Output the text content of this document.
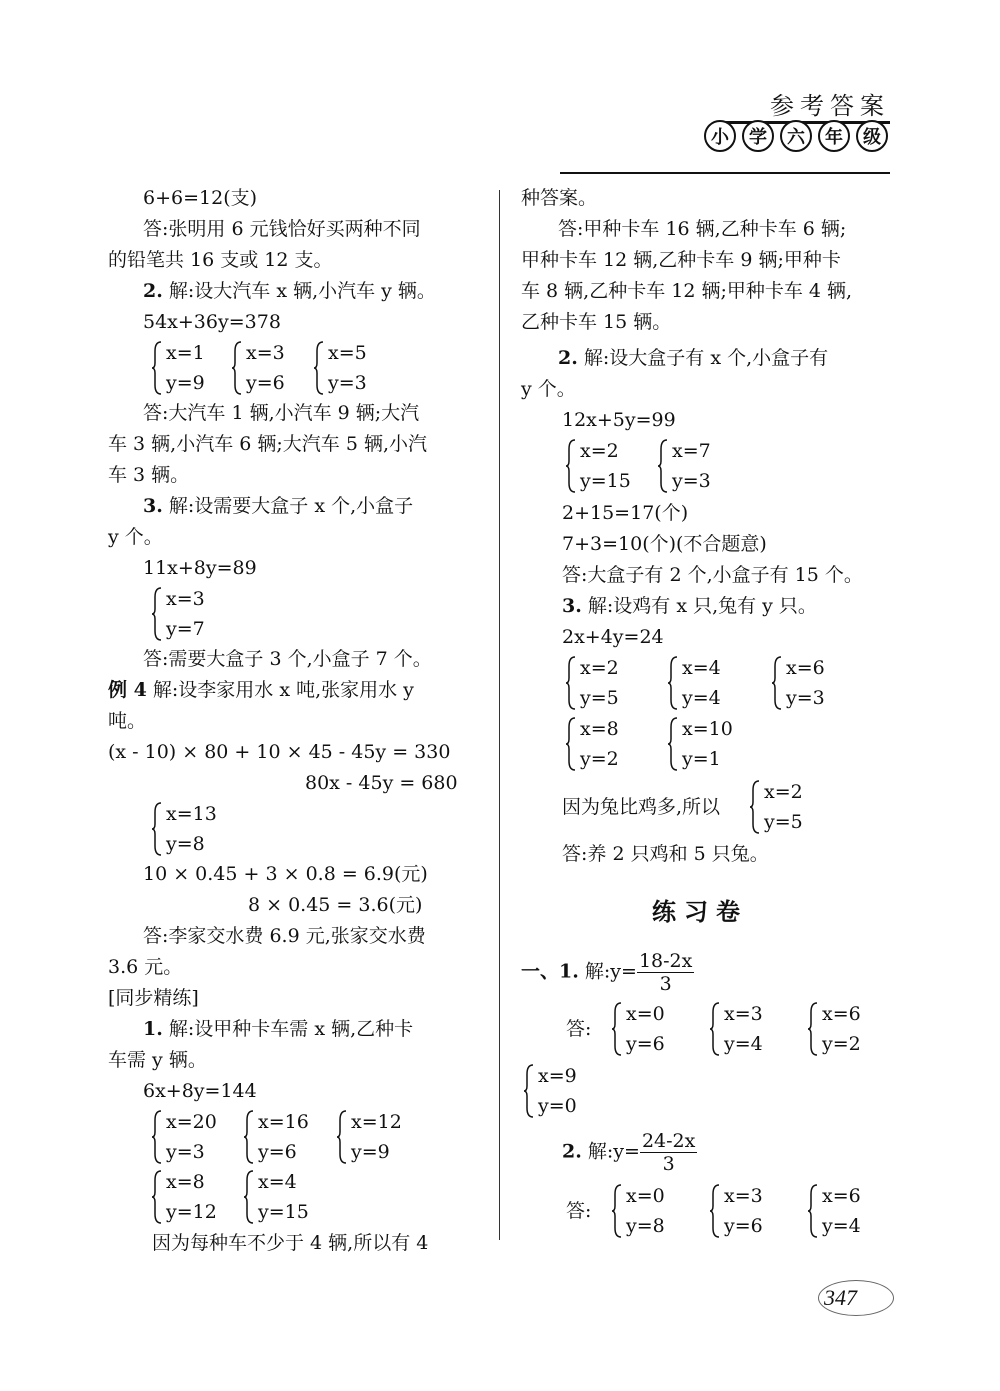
参考答案
小	学	六	年	级
6+6=12(支)
答:张明用 6 元钱恰好买两种不同
的铅笔共 16 支或 12 支。
2. 解:设大汽车 x 辆,小汽车 y 辆。
54x+36y=378
x=1
y=9
x=3
y=6
x=5
y=3
答:大汽车 1 辆,小汽车 9 辆;大汽
车 3 辆,小汽车 6 辆;大汽车 5 辆,小汽
车 3 辆。
3. 解:设需要大盒子 x 个,小盒子
y 个。
11x+8y=89
x=3
y=7
答:需要大盒子 3 个,小盒子 7 个。
例 4 解:设李家用水 x 吨,张家用水 y
吨。
(x - 10) × 80 + 10 × 45 - 45y = 330
80x - 45y = 680
x=13
y=8
10 × 0.45 + 3 × 0.8 = 6.9(元)
8 × 0.45 = 3.6(元)
答:李家交水费 6.9 元,张家交水费
3.6 元。
[同步精练]
1. 解:设甲种卡车需 x 辆,乙种卡
车需 y 辆。
6x+8y=144
x=20
y=3
x=16
y=6
x=12
y=9
x=8
y=12
x=4
y=15
因为每种车不少于 4 辆,所以有 4
种答案。
答:甲种卡车 16 辆,乙种卡车 6 辆;
甲种卡车 12 辆,乙种卡车 9 辆;甲种卡
车 8 辆,乙种卡车 12 辆;甲种卡车 4 辆,
乙种卡车 15 辆。
2. 解:设大盒子有 x 个,小盒子有
y 个。
12x+5y=99
x=2
y=15
x=7
y=3
2+15=17(个)
7+3=10(个)(不合题意)
答:大盒子有 2 个,小盒子有 15 个。
3. 解:设鸡有 x 只,兔有 y 只。
2x+4y=24
x=2
y=5
x=4
y=4
x=6
y=3
x=8
y=2
x=10
y=1
因为兔比鸡多,所以
x=2
y=5
答:养 2 只鸡和 5 只兔。
练习卷
一、1. 解:y= $\frac{18-2x}{3}$
答:
x=0
y=6
x=3
y=4
x=6
y=2
x=9
y=0
2. 解:y= $\frac{24-2x}{3}$
答:
x=0
y=8
x=3
y=6
x=6
y=4
347
